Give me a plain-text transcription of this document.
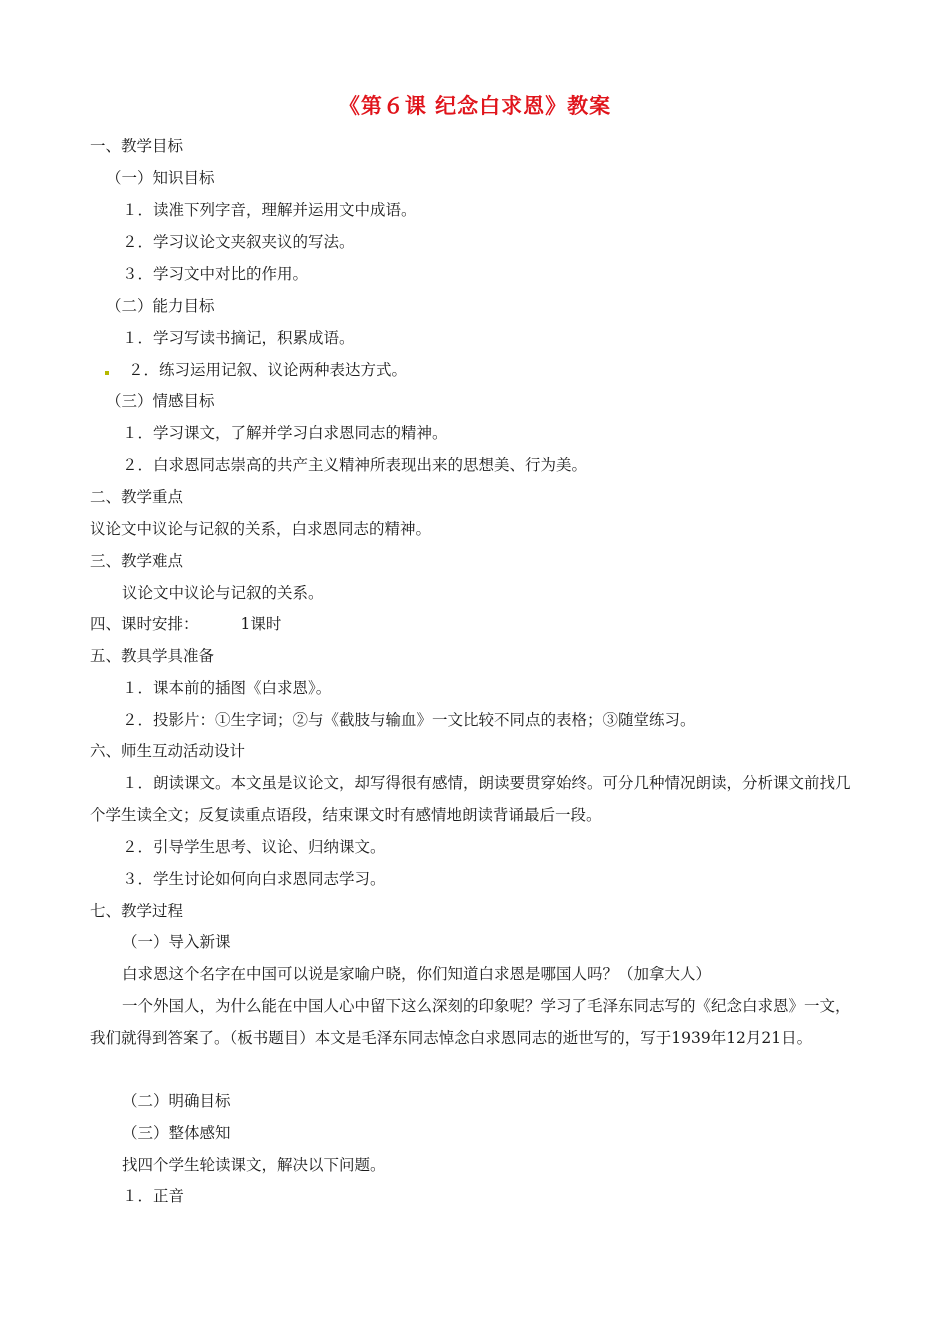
《第６课 纪念白求恩》教案
一、教学目标
（一）知识目标
１．读准下列字音，理解并运用文中成语。
２．学习议论文夹叙夹议的写法。
３．学习文中对比的作用。
（二）能力目标
１．学习写读书摘记，积累成语。
２．练习运用记叙、议论两种表达方式。
（三）情感目标
１．学习课文，了解并学习白求恩同志的精神。
２．白求恩同志崇高的共产主义精神所表现出来的思想美、行为美。
二、教学重点
议论文中议论与记叙的关系，白求恩同志的精神。
三、教学难点
议论文中议论与记叙的关系。
四、课时安排：	1课时
五、教具学具准备
１．课本前的插图《白求恩》。
２．投影片：①生字词；②与《截肢与输血》一文比较不同点的表格；③随堂练习。
六、师生互动活动设计
１．朗读课文。本文虽是议论文，却写得很有感情，朗读要贯穿始终。可分几种情况朗读，分析课文前找几个学生读全文；反复读重点语段，结束课文时有感情地朗读背诵最后一段。
２．引导学生思考、议论、归纳课文。
３．学生讨论如何向白求恩同志学习。
七、教学过程
（一）导入新课
白求恩这个名字在中国可以说是家喻户晓，你们知道白求恩是哪国人吗？（加拿大人）
一个外国人，为什么能在中国人心中留下这么深刻的印象呢？学习了毛泽东同志写的《纪念白求恩》一文，我们就得到答案了。（板书题目）本文是毛泽东同志悼念白求恩同志的逝世写的，写于1939年12月21日。
（二）明确目标
（三）整体感知
找四个学生轮读课文，解决以下问题。
１．正音
